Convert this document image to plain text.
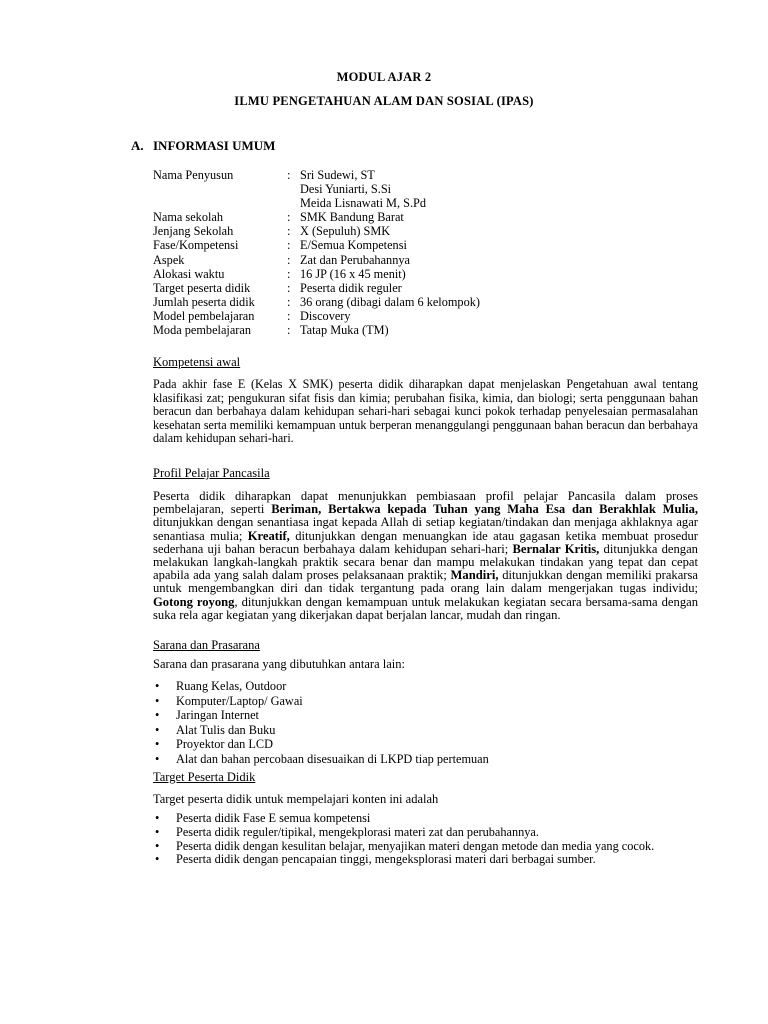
MODUL AJAR 2
ILMU PENGETAHUAN ALAM DAN SOSIAL (IPAS)
A. INFORMASI UMUM
Nama Penyusun	: Sri Sudewi, ST
Desi Yuniarti, S.Si
Meida Lisnawati M, S.Pd
Nama sekolah	: SMK Bandung Barat
Jenjang Sekolah	: X (Sepuluh) SMK
Fase/Kompetensi	: E/Semua Kompetensi
Aspek	: Zat dan Perubahannya
Alokasi waktu	: 16 JP (16 x 45 menit)
Target peserta didik	: Peserta didik reguler
Jumlah peserta didik	: 36 orang (dibagi dalam 6 kelompok)
Model pembelajaran	: Discovery
Moda pembelajaran	: Tatap Muka (TM)
Kompetensi awal
Pada akhir fase E (Kelas X SMK) peserta didik diharapkan dapat menjelaskan Pengetahuan awal tentang klasifikasi zat; pengukuran sifat fisis dan kimia; perubahan fisika, kimia, dan biologi; serta penggunaan bahan beracun dan berbahaya dalam kehidupan sehari-hari sebagai kunci pokok terhadap penyelesaian permasalahan kesehatan serta memiliki kemampuan untuk berperan menanggulangi penggunaan bahan beracun dan berbahaya dalam kehidupan sehari-hari.
Profil Pelajar Pancasila
Peserta didik diharapkan dapat menunjukkan pembiasaan profil pelajar Pancasila dalam proses pembelajaran, seperti Beriman, Bertakwa kepada Tuhan yang Maha Esa dan Berakhlak Mulia, ditunjukkan dengan senantiasa ingat kepada Allah di setiap kegiatan/tindakan dan menjaga akhlaknya agar senantiasa mulia; Kreatif, ditunjukkan dengan menuangkan ide atau gagasan ketika membuat prosedur sederhana uji bahan beracun berbahaya dalam kehidupan sehari-hari; Bernalar Kritis, ditunjukka dengan melakukan langkah-langkah praktik secara benar dan mampu melakukan tindakan yang tepat dan cepat apabila ada yang salah dalam proses pelaksanaan praktik; Mandiri, ditunjukkan dengan memiliki prakarsa untuk mengembangkan diri dan tidak tergantung pada orang lain dalam mengerjakan tugas individu; Gotong royong, ditunjukkan dengan kemampuan untuk melakukan kegiatan secara bersama-sama dengan suka rela agar kegiatan yang dikerjakan dapat berjalan lancar, mudah dan ringan.
Sarana dan Prasarana
Sarana dan prasarana yang dibutuhkan antara lain:
• Ruang Kelas, Outdoor
• Komputer/Laptop/ Gawai
• Jaringan Internet
• Alat Tulis dan Buku
• Proyektor dan LCD
• Alat dan bahan percobaan disesuaikan di LKPD tiap pertemuan
Target Peserta Didik
Target peserta didik untuk mempelajari konten ini adalah
• Peserta didik Fase E semua kompetensi
• Peserta didik reguler/tipikal, mengekplorasi materi zat dan perubahannya.
• Peserta didik dengan kesulitan belajar, menyajikan materi dengan metode dan media yang cocok.
• Peserta didik dengan pencapaian tinggi, mengeksplorasi materi dari berbagai sumber.
